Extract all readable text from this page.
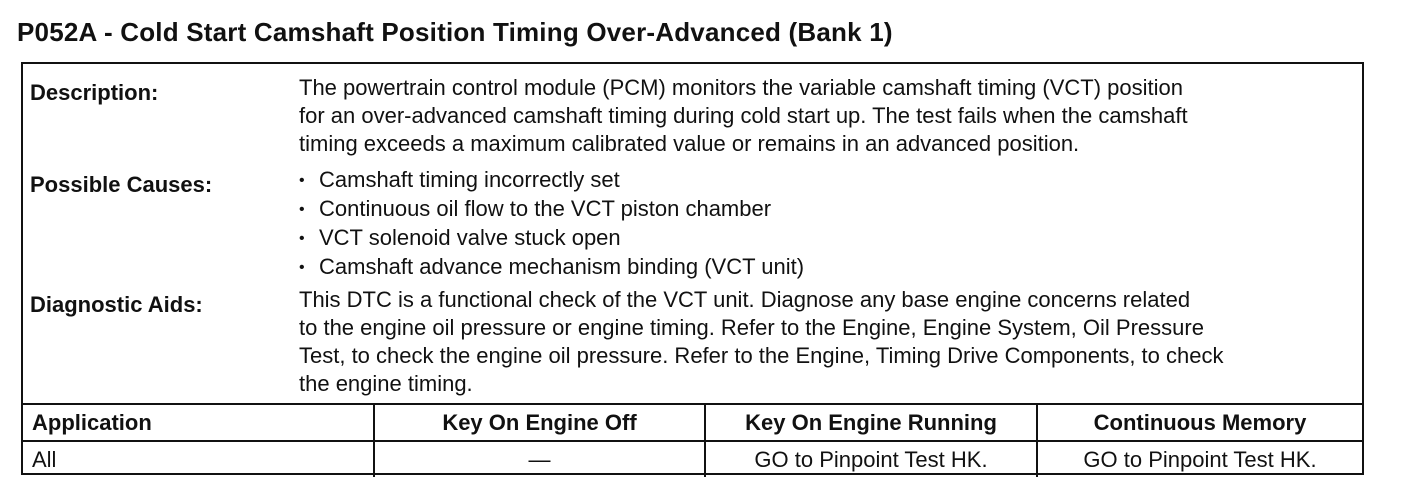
P052A - Cold Start Camshaft Position Timing Over-Advanced (Bank 1)
Description:	The powertrain control module (PCM) monitors the variable camshaft timing (VCT) position

for an over-advanced camshaft timing during cold start up. The test fails when the camshaft

timing exceeds a maximum calibrated value or remains in an advanced position.

Possible Causes:	• Camshaft timing incorrectly set
• Continuous oil flow to the VCT piston chamber
• VCT solenoid valve stuck open
• Camshaft advance mechanism binding (VCT unit)
Diagnostic Aids:	This DTC is a functional check of the VCT unit. Diagnose any base engine concerns related

to the engine oil pressure or engine timing. Refer to the Engine, Engine System, Oil Pressure

Test, to check the engine oil pressure. Refer to the Engine, Timing Drive Components, to check

the engine timing.

Application	Key On Engine Off	Key On Engine Running	Continuous Memory
All	—	GO to Pinpoint Test HK.	GO to Pinpoint Test HK.
